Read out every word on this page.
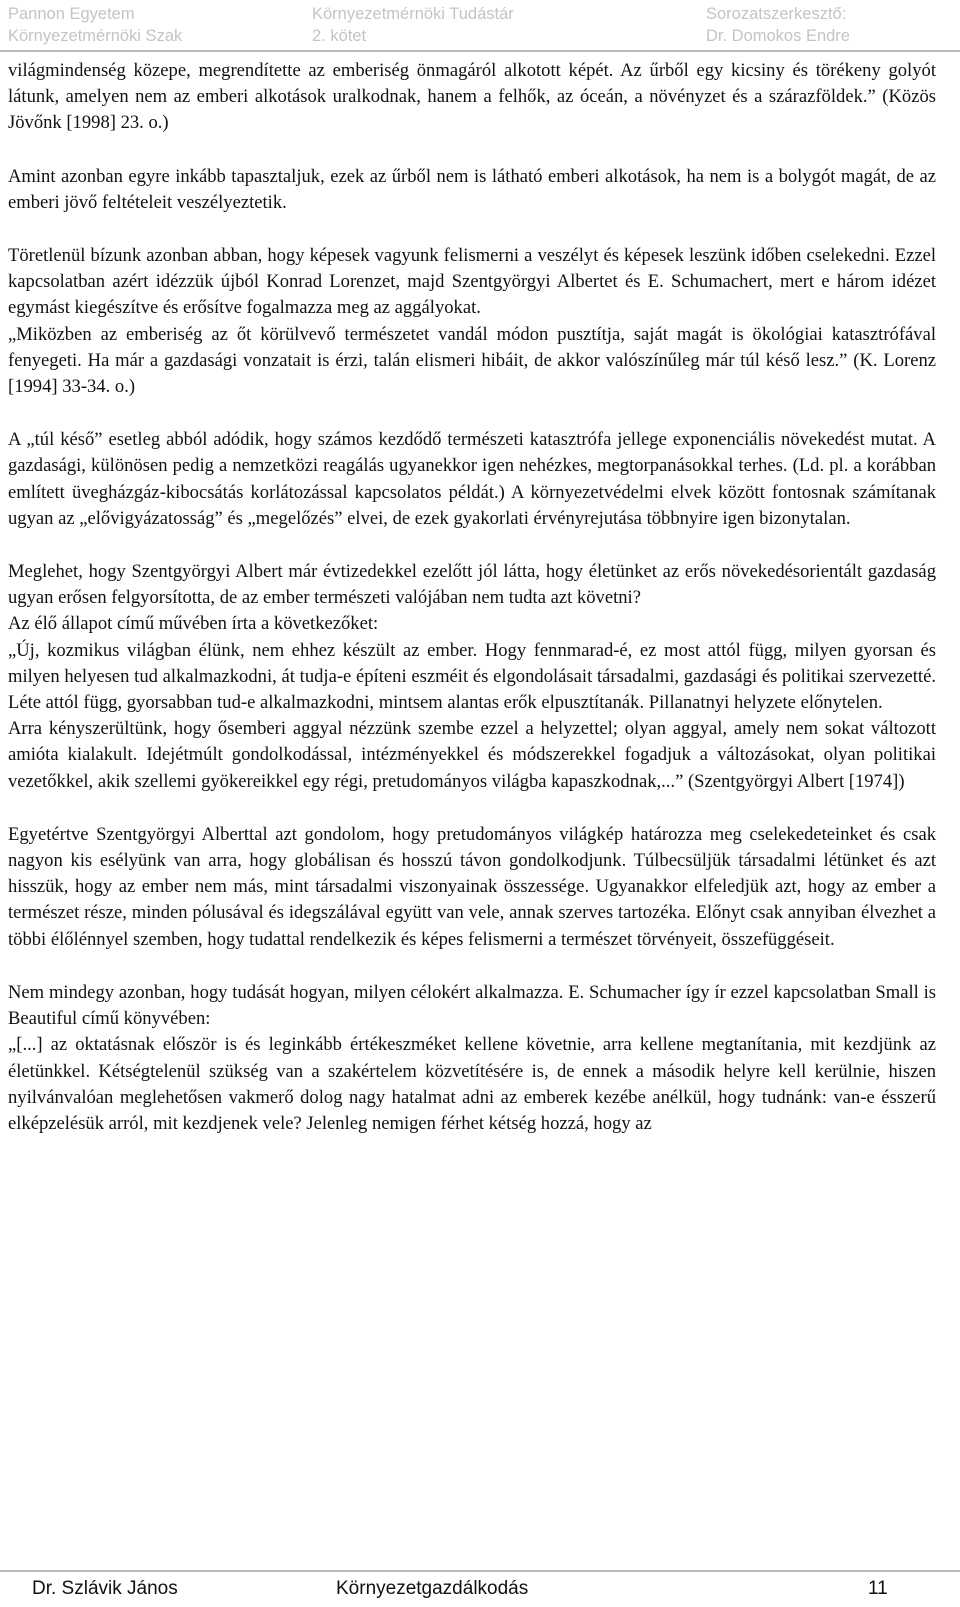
Pannon Egyetem
Környezetmérnöki Szak
Környezetmérnöki Tudástár
2. kötet
Sorozatszerkesztő:
Dr. Domokos Endre

világmindenség közepe, megrendítette az emberiség önmagáról alkotott képét. Az űrből egy kicsiny és törékeny golyót látunk, amelyen nem az emberi alkotások uralkodnak, hanem a felhők, az óceán, a növényzet és a szárazföldek.” (Közös Jövőnk [1998] 23. o.)

Amint azonban egyre inkább tapasztaljuk, ezek az űrből nem is látható emberi alkotások, ha nem is a bolygót magát, de az emberi jövő feltételeit veszélyeztetik.

Töretlenül bízunk azonban abban, hogy képesek vagyunk felismerni a veszélyt és képesek leszünk időben cselekedni. Ezzel kapcsolatban azért idézzük újból Konrad Lorenzet, majd Szentgyörgyi Albertet és E. Schumachert, mert e három idézet egymást kiegészítve és erősítve fogalmazza meg az aggályokat.

„Miközben az emberiség az őt körülvevő természetet vandál módon pusztítja, saját magát is ökológiai katasztrófával fenyegeti. Ha már a gazdasági vonzatait is érzi, talán elismeri hibáit, de akkor valószínűleg már túl késő lesz.” (K. Lorenz [1994] 33-34. o.)

A „túl késő” esetleg abból adódik, hogy számos kezdődő természeti katasztrófa jellege exponenciális növekedést mutat. A gazdasági, különösen pedig a nemzetközi reagálás ugyanekkor igen nehézkes, megtorpanásokkal terhes. (Ld. pl. a korábban említett üvegházgáz-kibocsátás korlátozással kapcsolatos példát.) A környezetvédelmi elvek között fontosnak számítanak ugyan az „elővigyázatosság” és „megelőzés” elvei, de ezek gyakorlati érvényrejutása többnyire igen bizonytalan.

Meglehet, hogy Szentgyörgyi Albert már évtizedekkel ezelőtt jól látta, hogy életünket az erős növekedésorientált gazdaság ugyan erősen felgyorsította, de az ember természeti valójában nem tudta azt követni?

Az élő állapot című művében írta a következőket:

„Új, kozmikus világban élünk, nem ehhez készült az ember. Hogy fennmarad-é, ez most attól függ, milyen gyorsan és milyen helyesen tud alkalmazkodni, át tudja-e építeni eszméit és elgondolásait társadalmi, gazdasági és politikai szervezetté. Léte attól függ, gyorsabban tud-e alkalmazkodni, mintsem alantas erők elpusztítanák. Pillanatnyi helyzete előnytelen.

Arra kényszerültünk, hogy ősemberi aggyal nézzünk szembe ezzel a helyzettel; olyan aggyal, amely nem sokat változott amióta kialakult. Idejétmúlt gondolkodással, intézményekkel és módszerekkel fogadjuk a változásokat, olyan politikai vezetőkkel, akik szellemi gyökereikkel egy régi, pretudományos világba kapaszkodnak,...” (Szentgyörgyi Albert [1974])

Egyetértve Szentgyörgyi Alberttal azt gondolom, hogy pretudományos világkép határozza meg cselekedeteinket és csak nagyon kis esélyünk van arra, hogy globálisan és hosszú távon gondolkodjunk. Túlbecsüljük társadalmi létünket és azt hisszük, hogy az ember nem más, mint társadalmi viszonyainak összessége. Ugyanakkor elfeledjük azt, hogy az ember a természet része, minden pólusával és idegszálával együtt van vele, annak szerves tartozéka. Előnyt csak annyiban élvezhet a többi élőlénnyel szemben, hogy tudattal rendelkezik és képes felismerni a természet törvényeit, összefüggéseit.

Nem mindegy azonban, hogy tudását hogyan, milyen célokért alkalmazza. E. Schumacher így ír ezzel kapcsolatban Small is Beautiful című könyvében:

„[...] az oktatásnak először is és leginkább értékeszméket kellene követnie, arra kellene megtanítania, mit kezdjünk az életünkkel. Kétségtelenül szükség van a szakértelem közvetítésére is, de ennek a második helyre kell kerülnie, hiszen nyilvánvalóan meglehetősen vakmerő dolog nagy hatalmat adni az emberek kezébe anélkül, hogy tudnánk: van-e ésszerű elképzelésük arról, mit kezdjenek vele? Jelenleg nemigen férhet kétség hozzá, hogy az

Dr. Szlávik János	Környezetgazdálkodás	11
